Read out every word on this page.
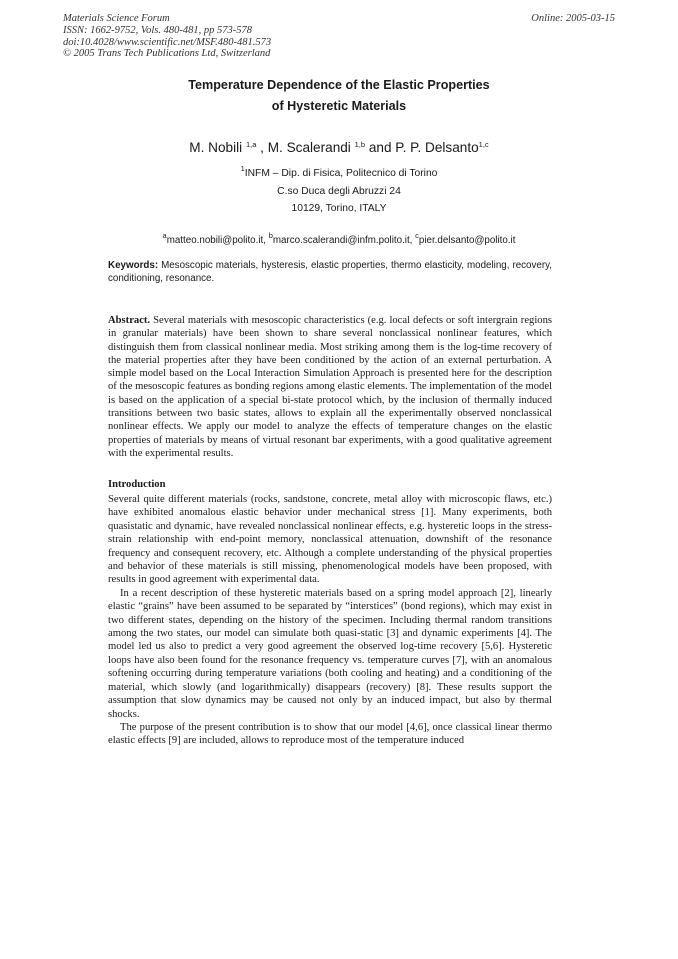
Materials Science Forum
ISSN: 1662-9752, Vols. 480-481, pp 573-578
doi:10.4028/www.scientific.net/MSF.480-481.573
© 2005 Trans Tech Publications Ltd, Switzerland
Online: 2005-03-15
Temperature Dependence of the Elastic Properties
of Hysteretic Materials
M. Nobili $^{1,a}$ , M. Scalerandi $^{1,b}$ and P. P. Delsanto$^{1,c}$
$^1$INFM – Dip. di Fisica, Politecnico di Torino
C.so Duca degli Abruzzi 24
10129, Torino, ITALY
$^a$matteo.nobili@polito.it, $^b$marco.scalerandi@infm.polito.it, $^c$pier.delsanto@polito.it
Keywords: Mesoscopic materials, hysteresis, elastic properties, thermo elasticity, modeling, recovery, conditioning, resonance.
Abstract. Several materials with mesoscopic characteristics (e.g. local defects or soft intergrain regions in granular materials) have been shown to share several nonclassical nonlinear features, which distinguish them from classical nonlinear media. Most striking among them is the log-time recovery of the material properties after they have been conditioned by the action of an external perturbation. A simple model based on the Local Interaction Simulation Approach is presented here for the description of the mesoscopic features as bonding regions among elastic elements. The implementation of the model is based on the application of a special bi-state protocol which, by the inclusion of thermally induced transitions between two basic states, allows to explain all the experimentally observed nonclassical nonlinear effects. We apply our model to analyze the effects of temperature changes on the elastic properties of materials by means of virtual resonant bar experiments, with a good qualitative agreement with the experimental results.
Introduction

Several quite different materials (rocks, sandstone, concrete, metal alloy with microscopic flaws, etc.) have exhibited anomalous elastic behavior under mechanical stress [1]. Many experiments, both quasistatic and dynamic, have revealed nonclassical nonlinear effects, e.g. hysteretic loops in the stress-strain relationship with end-point memory, nonclassical attenuation, downshift of the resonance frequency and consequent recovery, etc. Although a complete understanding of the physical properties and behavior of these materials is still missing, phenomenological models have been proposed, with results in good agreement with experimental data.

In a recent description of these hysteretic materials based on a spring model approach [2], linearly elastic “grains” have been assumed to be separated by “interstices” (bond regions), which may exist in two different states, depending on the history of the specimen. Including thermal random transitions among the two states, our model can simulate both quasi-static [3] and dynamic experiments [4]. The model led us also to predict a very good agreement the observed log-time recovery [5,6]. Hysteretic loops have also been found for the resonance frequency vs. temperature curves [7], with an anomalous softening occurring during temperature variations (both cooling and heating) and a conditioning of the material, which slowly (and logarithmically) disappears (recovery) [8]. These results support the assumption that slow dynamics may be caused not only by an induced impact, but also by thermal shocks.

The purpose of the present contribution is to show that our model [4,6], once classical linear thermo elastic effects [9] are included, allows to reproduce most of the temperature induced
